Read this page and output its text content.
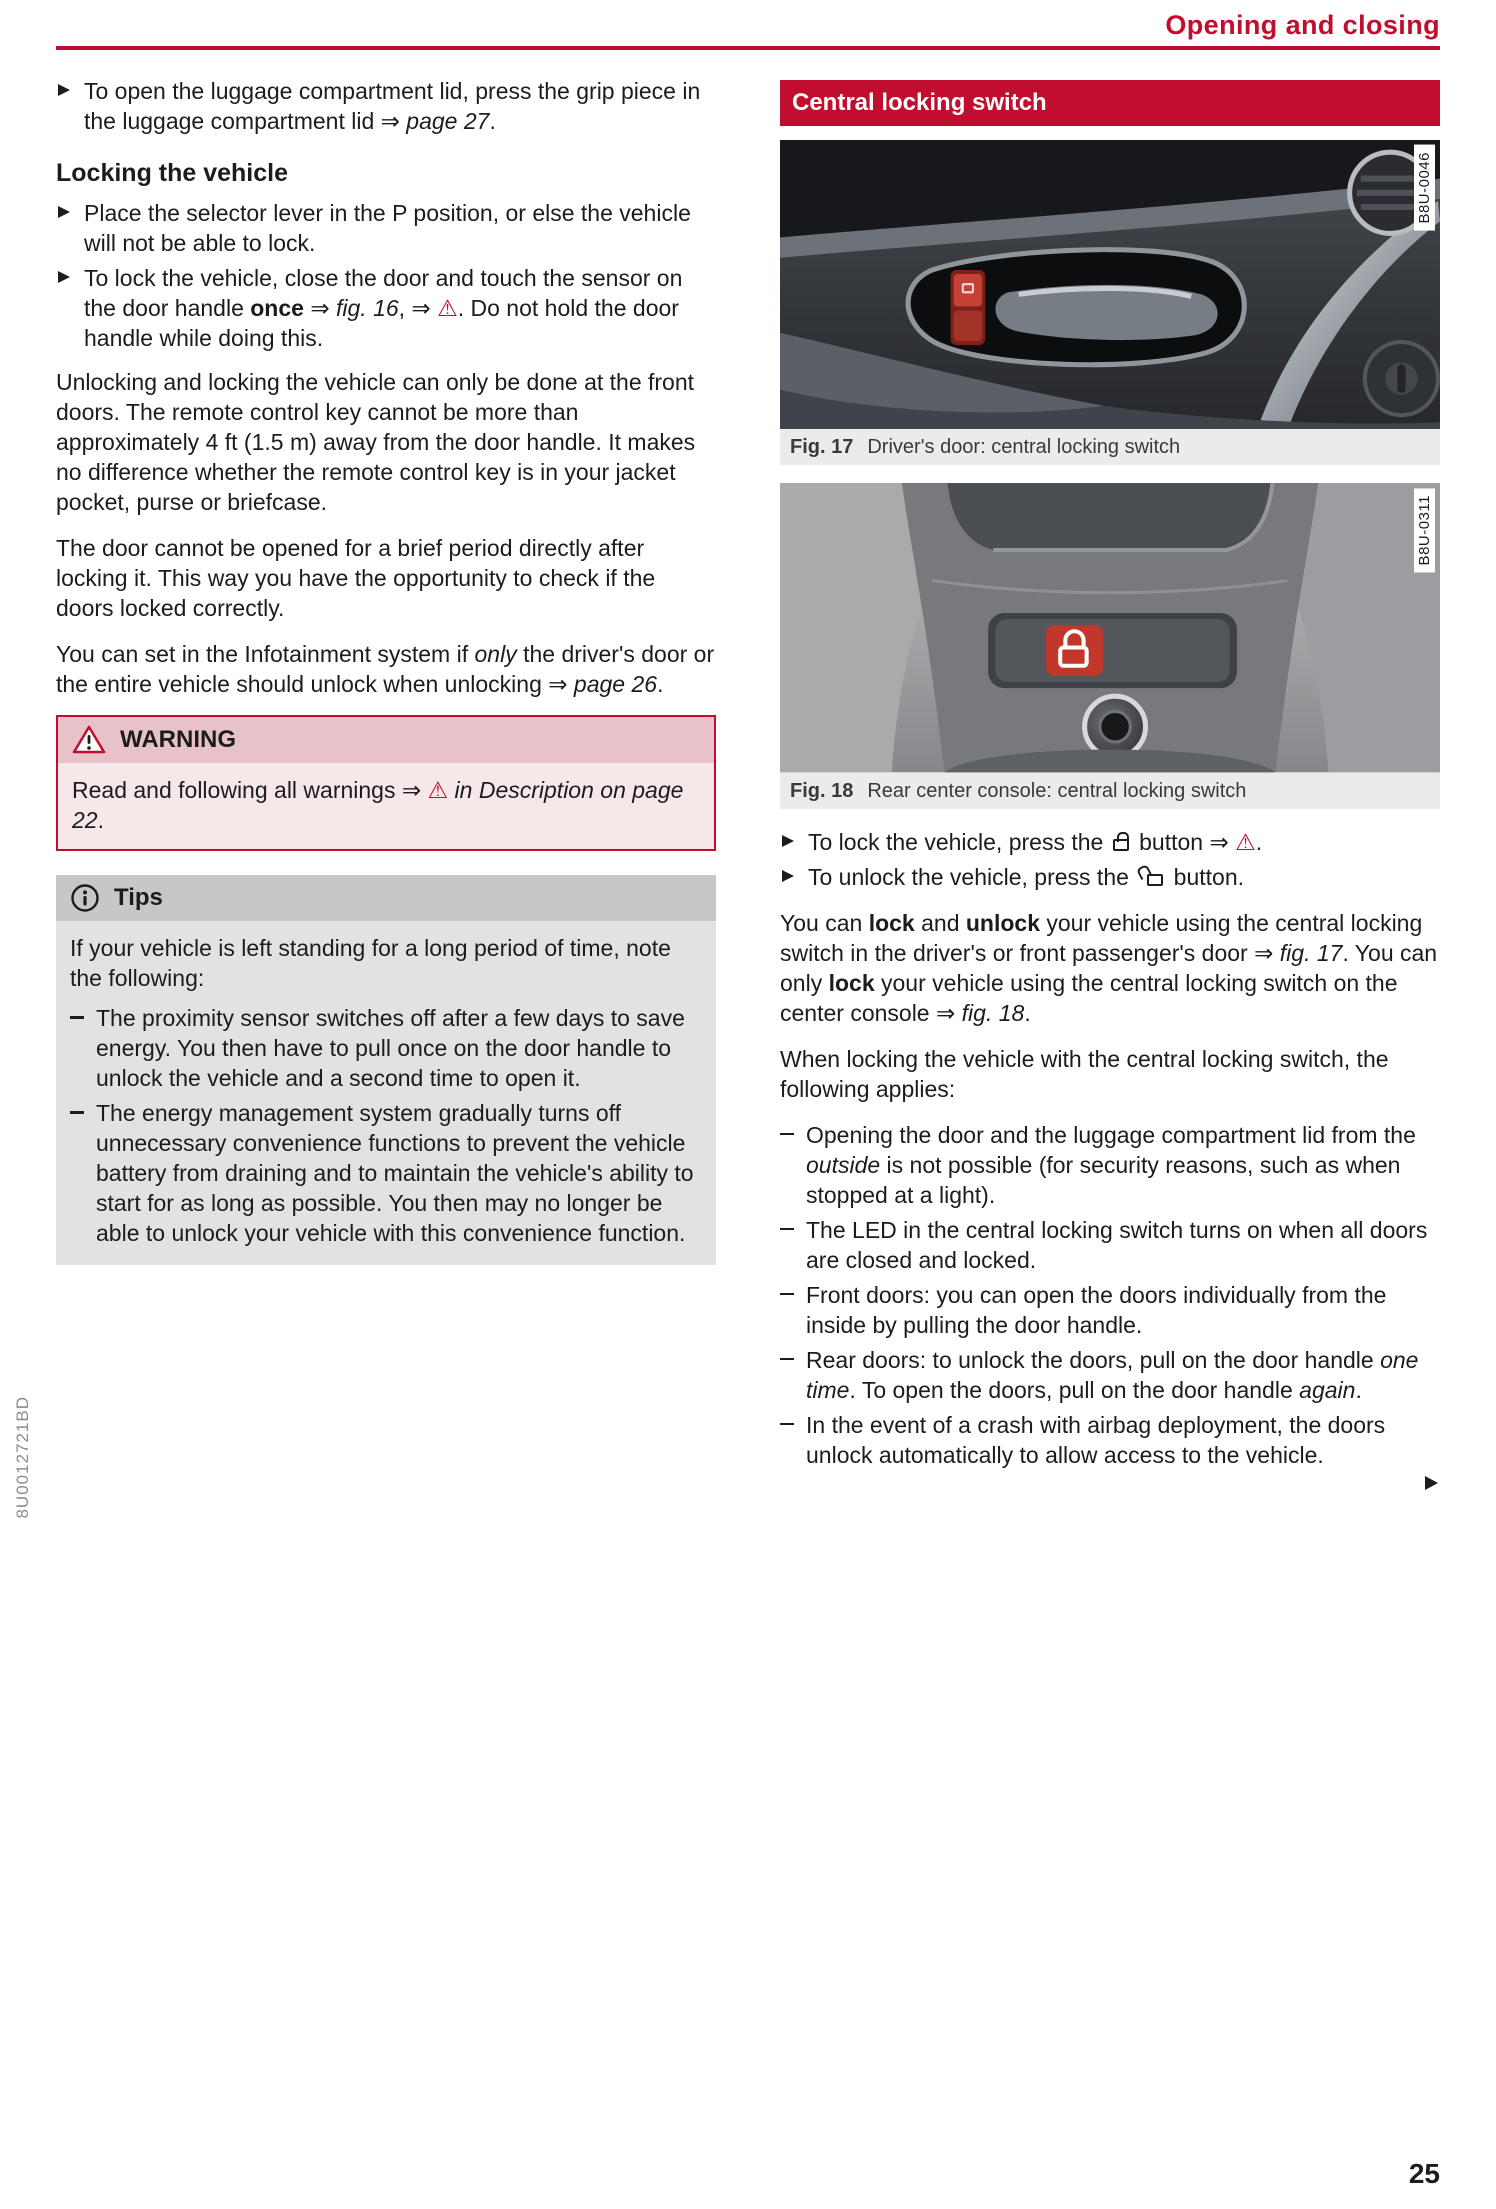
Opening and closing
To open the luggage compartment lid, press the grip piece in the luggage compartment lid ⇒ page 27.
Locking the vehicle
Place the selector lever in the P position, or else the vehicle will not be able to lock.
To lock the vehicle, close the door and touch the sensor on the door handle once ⇒ fig. 16, ⇒ ⚠. Do not hold the door handle while doing this.

Unlocking and locking the vehicle can only be done at the front doors. The remote control key cannot be more than approximately 4 ft (1.5 m) away from the door handle. It makes no difference whether the remote control key is in your jacket pocket, purse or briefcase.

The door cannot be opened for a brief period directly after locking it. This way you have the opportunity to check if the doors locked correctly.

You can set in the Infotainment system if only the driver's door or the entire vehicle should unlock when unlocking ⇒ page 26.

WARNING

Read and following all warnings ⇒ ⚠ in Description on page 22.

Tips

If your vehicle is left standing for a long period of time, note the following:

The proximity sensor switches off after a few days to save energy. You then have to pull once on the door handle to unlock the vehicle and a second time to open it.
The energy management system gradually turns off unnecessary convenience functions to prevent the vehicle battery from draining and to maintain the vehicle's ability to start for as long as possible. You then may no longer be able to unlock your vehicle with this convenience function.
Central locking switch
B8U-0046
Fig. 17 Driver's door: central locking switch
B8U-0311
Fig. 18 Rear center console: central locking switch
To lock the vehicle, press the  button ⇒ ⚠.
To unlock the vehicle, press the  button.

You can lock and unlock your vehicle using the central locking switch in the driver's or front passenger's door ⇒ fig. 17. You can only lock your vehicle using the central locking switch on the center console ⇒ fig. 18.

When locking the vehicle with the central locking switch, the following applies:

Opening the door and the luggage compartment lid from the outside is not possible (for security reasons, such as when stopped at a light).
The LED in the central locking switch turns on when all doors are closed and locked.
Front doors: you can open the doors individually from the inside by pulling the door handle.
Rear doors: to unlock the doors, pull on the door handle one time. To open the doors, pull on the door handle again.
In the event of a crash with airbag deployment, the doors unlock automatically to allow access to the vehicle.
8U0012721BD
25
